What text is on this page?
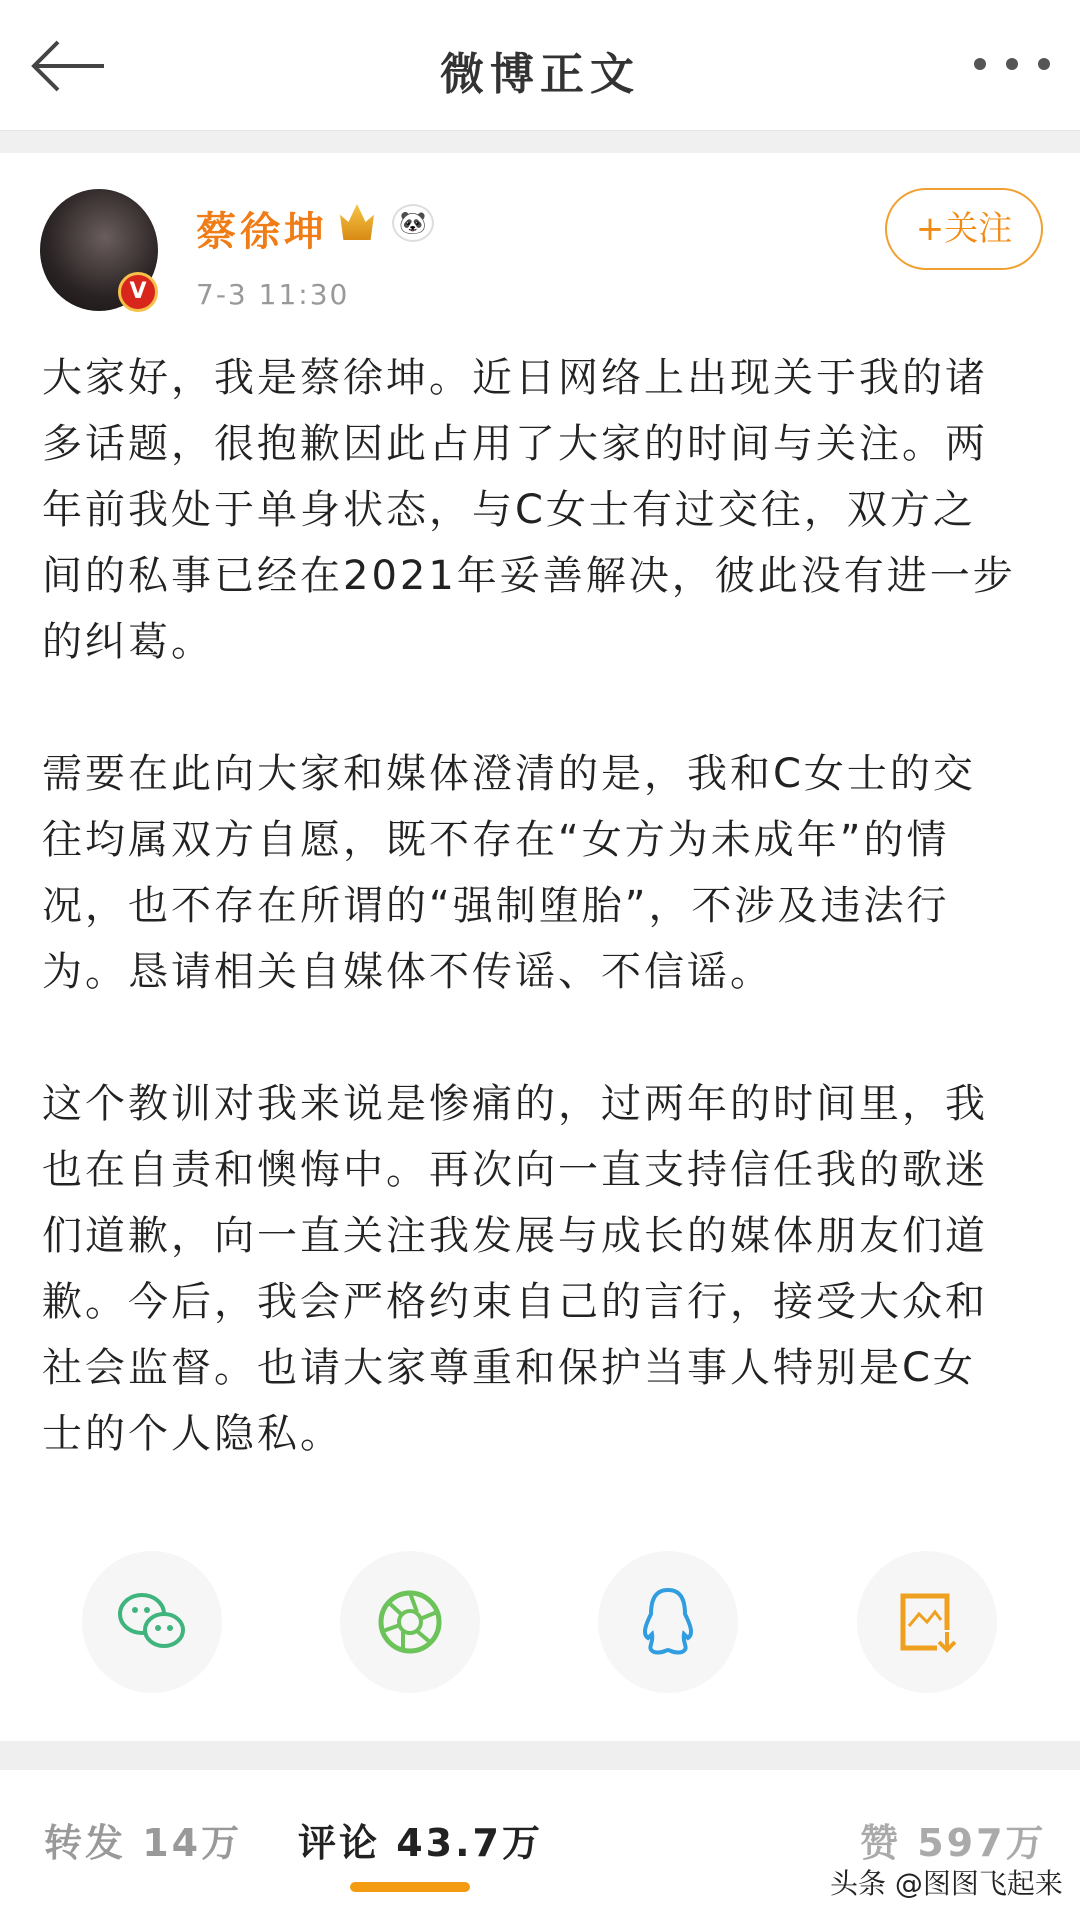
微博正文
V
蔡徐坤	🐼
7-3 11:30
+关注
大家好，我是蔡徐坤。近日网络上出现关于我的诸
多话题，很抱歉因此占用了大家的时间与关注。两
年前我处于单身状态，与C女士有过交往，双方之
间的私事已经在2021年妥善解决，彼此没有进一步
的纠葛。
需要在此向大家和媒体澄清的是，我和C女士的交
往均属双方自愿，既不存在“女方为未成年”的情
况，也不存在所谓的“强制堕胎”，不涉及违法行
为。恳请相关自媒体不传谣、不信谣。
这个教训对我来说是惨痛的，过两年的时间里，我
也在自责和懊悔中。再次向一直支持信任我的歌迷
们道歉，向一直关注我发展与成长的媒体朋友们道
歉。今后，我会严格约束自己的言行，接受大众和
社会监督。也请大家尊重和保护当事人特别是C女
士的个人隐私。
转发 14万 评论 43.7万	赞 597万
头条 @图图飞起来
